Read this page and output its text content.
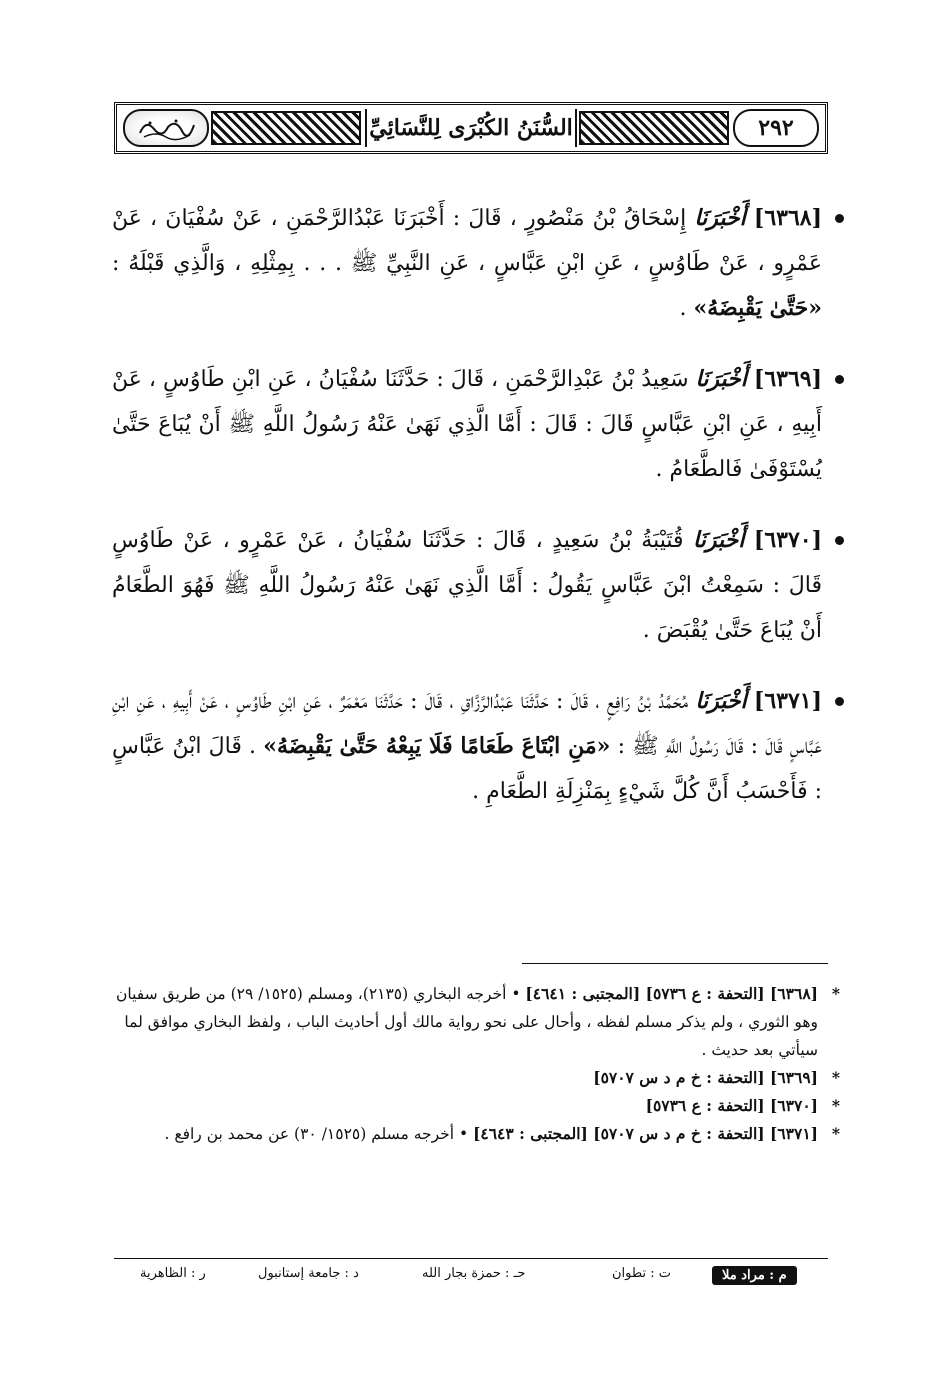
السُّنَنُ الكُبْرَى لِلنَّسَائِيِّ	٢٩٢
[٦٣٦٨] أَخْبَرَنَا إِسْحَاقُ بْنُ مَنْصُورٍ ، قَالَ : أَخْبَرَنَا عَبْدُالرَّحْمَنِ ، عَنْ سُفْيَانَ ، عَنْ عَمْرٍو ، عَنْ طَاوُسٍ ، عَنِ ابْنِ عَبَّاسٍ ، عَنِ النَّبِيِّ ﷺ . . . بِمِثْلِهِ ، وَالَّذِي قَبْلَهُ : «حَتَّىٰ يَقْبِضَهُ» .
[٦٣٦٩] أَخْبَرَنَا سَعِيدُ بْنُ عَبْدِالرَّحْمَنِ ، قَالَ : حَدَّثَنَا سُفْيَانُ ، عَنِ ابْنِ طَاوُسٍ ، عَنْ أَبِيهِ ، عَنِ ابْنِ عَبَّاسٍ قَالَ : قَالَ : أَمَّا الَّذِي نَهَىٰ عَنْهُ رَسُولُ اللَّهِ ﷺ أَنْ يُبَاعَ حَتَّىٰ يُسْتَوْفَىٰ فَالطَّعَامُ .
[٦٣٧٠] أَخْبَرَنَا قُتَيْبَةُ بْنُ سَعِيدٍ ، قَالَ : حَدَّثَنَا سُفْيَانُ ، عَنْ عَمْرٍو ، عَنْ طَاوُسٍ قَالَ : سَمِعْتُ ابْنَ عَبَّاسٍ يَقُولُ : أَمَّا الَّذِي نَهَىٰ عَنْهُ رَسُولُ اللَّهِ ﷺ فَهُوَ الطَّعَامُ أَنْ يُبَاعَ حَتَّىٰ يُقْبَضَ .
[٦٣٧١] أَخْبَرَنَا مُحَمَّدُ بْنُ رَافِعٍ ، قَالَ : حَدَّثَنَا عَبْدُالرَّزَّاقِ ، قَالَ : حَدَّثَنَا مَعْمَرٌ ، عَنِ ابْنِ طَاوُسٍ ، عَنْ أَبِيهِ ، عَنِ ابْنِ عَبَّاسٍ قَالَ : قَالَ رَسُولُ اللَّهِ ﷺ : «مَنِ ابْتَاعَ طَعَامًا فَلَا يَبِعْهُ حَتَّىٰ يَقْبِضَهُ» . قَالَ ابْنُ عَبَّاسٍ : فَأَحْسَبُ أَنَّ كُلَّ شَيْءٍ بِمَنْزِلَةِ الطَّعَامِ .
*
[٦٣٦٨] [التحفة : ع ٥٧٣٦] [المجتبى : ٤٦٤١] • أخرجه البخاري (٢١٣٥)، ومسلم (١٥٢٥/ ٢٩) من طريق سفيان وهو الثوري ، ولم يذكر مسلم لفظه ، وأحال على نحو رواية مالك أول أحاديث الباب ، ولفظ البخاري موافق لما سيأتي بعد حديث .
*
[٦٣٦٩] [التحفة : خ م د س ٥٧٠٧]
*
[٦٣٧٠] [التحفة : ع ٥٧٣٦]
*
[٦٣٧١] [التحفة : خ م د س ٥٧٠٧] [المجتبى : ٤٦٤٣] • أخرجه مسلم (١٥٢٥/ ٣٠) عن محمد بن رافع .
م : مراد ملا
ت : تطوان
حـ : حمزة بجار الله
د : جامعة إستانبول
ر : الظاهرية
